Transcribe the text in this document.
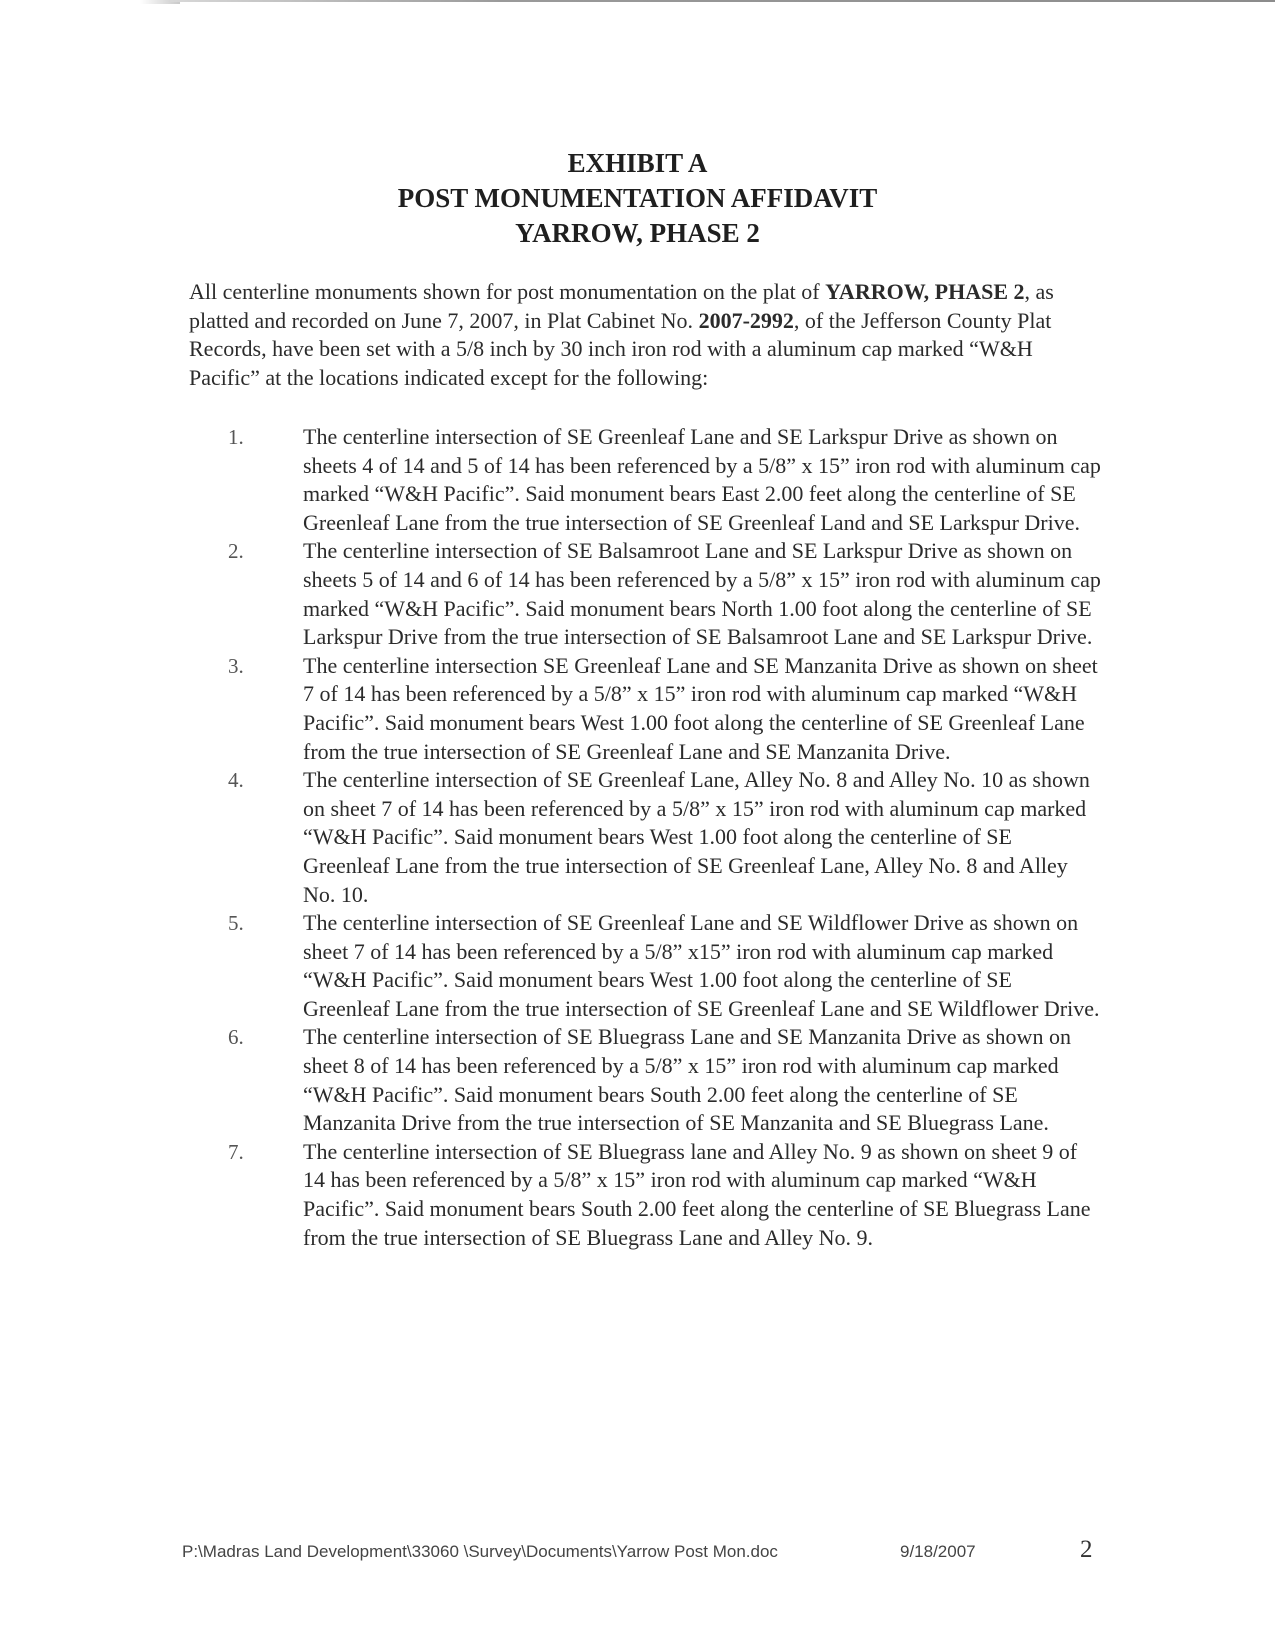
EXHIBIT A
POST MONUMENTATION AFFIDAVIT
YARROW, PHASE 2
All centerline monuments shown for post monumentation on the plat of YARROW, PHASE 2, as platted and recorded on June 7, 2007, in Plat Cabinet No. 2007-2992, of the Jefferson County Plat Records, have been set with a 5/8 inch by 30 inch iron rod with a aluminum cap marked “W&H Pacific” at the locations indicated except for the following:
1.	The centerline intersection of SE Greenleaf Lane and SE Larkspur Drive as shown on sheets 4 of 14 and 5 of 14 has been referenced by a 5/8” x 15” iron rod with aluminum cap marked “W&H Pacific”. Said monument bears East 2.00 feet along the centerline of SE Greenleaf Lane from the true intersection of SE Greenleaf Land and SE Larkspur Drive.
2.	The centerline intersection of SE Balsamroot Lane and SE Larkspur Drive as shown on sheets 5 of 14 and 6 of 14 has been referenced by a 5/8” x 15” iron rod with aluminum cap marked “W&H Pacific”. Said monument bears North 1.00 foot along the centerline of SE Larkspur Drive from the true intersection of SE Balsamroot Lane and SE Larkspur Drive.
3.	The centerline intersection SE Greenleaf Lane and SE Manzanita Drive as shown on sheet 7 of 14 has been referenced by a 5/8” x 15” iron rod with aluminum cap marked “W&H Pacific”. Said monument bears West 1.00 foot along the centerline of SE Greenleaf Lane from the true intersection of SE Greenleaf Lane and SE Manzanita Drive.
4.	The centerline intersection of SE Greenleaf Lane, Alley No. 8 and Alley No. 10 as shown on sheet 7 of 14 has been referenced by a 5/8” x 15” iron rod with aluminum cap marked “W&H Pacific”. Said monument bears West 1.00 foot along the centerline of SE Greenleaf Lane from the true intersection of SE Greenleaf Lane, Alley No. 8 and Alley No. 10.
5.	The centerline intersection of SE Greenleaf Lane and SE Wildflower Drive as shown on sheet 7 of 14 has been referenced by a 5/8” x15” iron rod with aluminum cap marked “W&H Pacific”. Said monument bears West 1.00 foot along the centerline of SE Greenleaf Lane from the true intersection of SE Greenleaf Lane and SE Wildflower Drive.
6.	The centerline intersection of SE Bluegrass Lane and SE Manzanita Drive as shown on sheet 8 of 14 has been referenced by a 5/8” x 15” iron rod with aluminum cap marked “W&H Pacific”. Said monument bears South 2.00 feet along the centerline of SE Manzanita Drive from the true intersection of SE Manzanita and SE Bluegrass Lane.
7.	The centerline intersection of SE Bluegrass lane and Alley No. 9 as shown on sheet 9 of 14 has been referenced by a 5/8” x 15” iron rod with aluminum cap marked “W&H Pacific”. Said monument bears South 2.00 feet along the centerline of SE Bluegrass Lane from the true intersection of SE Bluegrass Lane and Alley No. 9.
P:\Madras Land Development\33060 \Survey\Documents\Yarrow Post Mon.doc	9/18/2007	2
